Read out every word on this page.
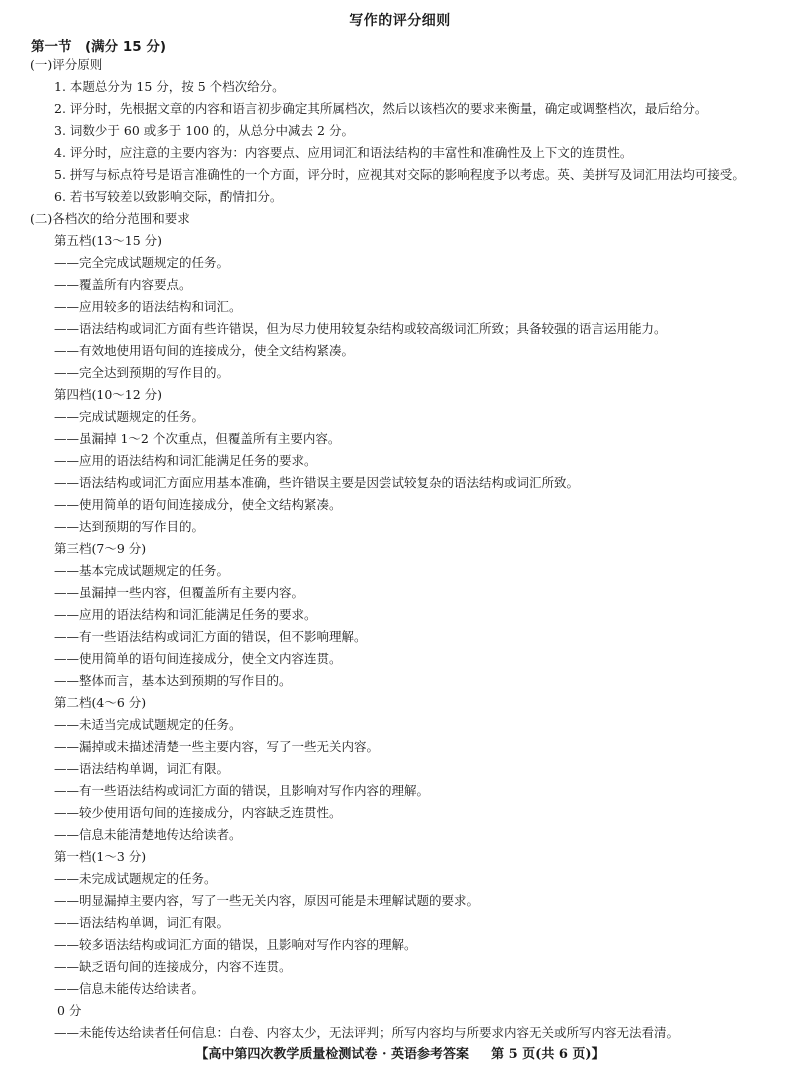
写作的评分细则
第一节　(满分 15 分)
(一)评分原则
1. 本题总分为 15 分，按 5 个档次给分。
2. 评分时，先根据文章的内容和语言初步确定其所属档次，然后以该档次的要求来衡量，确定或调整档次，最后给分。
3. 词数少于 60 或多于 100 的，从总分中减去 2 分。
4. 评分时，应注意的主要内容为：内容要点、应用词汇和语法结构的丰富性和准确性及上下文的连贯性。
5. 拼写与标点符号是语言准确性的一个方面，评分时，应视其对交际的影响程度予以考虑。英、美拼写及词汇用法均可接受。
6. 若书写较差以致影响交际，酌情扣分。
(二)各档次的给分范围和要求
第五档(13～15 分)
——完全完成试题规定的任务。
——覆盖所有内容要点。
——应用较多的语法结构和词汇。
——语法结构或词汇方面有些许错误，但为尽力使用较复杂结构或较高级词汇所致；具备较强的语言运用能力。
——有效地使用语句间的连接成分，使全文结构紧凑。
——完全达到预期的写作目的。
第四档(10～12 分)
——完成试题规定的任务。
——虽漏掉 1～2 个次重点，但覆盖所有主要内容。
——应用的语法结构和词汇能满足任务的要求。
——语法结构或词汇方面应用基本准确，些许错误主要是因尝试较复杂的语法结构或词汇所致。
——使用简单的语句间连接成分，使全文结构紧凑。
——达到预期的写作目的。
第三档(7～9 分)
——基本完成试题规定的任务。
——虽漏掉一些内容，但覆盖所有主要内容。
——应用的语法结构和词汇能满足任务的要求。
——有一些语法结构或词汇方面的错误，但不影响理解。
——使用简单的语句间连接成分，使全文内容连贯。
——整体而言，基本达到预期的写作目的。
第二档(4～6 分)
——未适当完成试题规定的任务。
——漏掉或未描述清楚一些主要内容，写了一些无关内容。
——语法结构单调，词汇有限。
——有一些语法结构或词汇方面的错误，且影响对写作内容的理解。
——较少使用语句间的连接成分，内容缺乏连贯性。
——信息未能清楚地传达给读者。
第一档(1～3 分)
——未完成试题规定的任务。
——明显漏掉主要内容，写了一些无关内容，原因可能是未理解试题的要求。
——语法结构单调，词汇有限。
——较多语法结构或词汇方面的错误，且影响对写作内容的理解。
——缺乏语句间的连接成分，内容不连贯。
——信息未能传达给读者。
0 分
——未能传达给读者任何信息：白卷、内容太少，无法评判；所写内容均与所要求内容无关或所写内容无法看清。
【高中第四次教学质量检测试卷 · 英语参考答案 　 第 5 页(共 6 页)】
